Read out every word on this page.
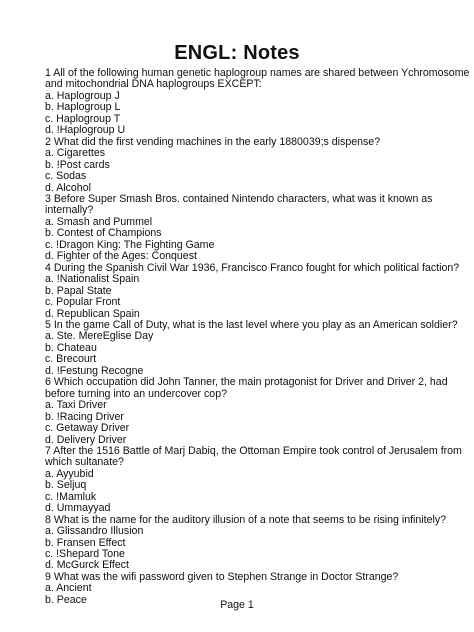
ENGL: Notes
1 All of the following human genetic haplogroup names are shared between Ychromosome
and mitochondrial DNA haplogroups EXCEPT:
a. Haplogroup J
b. Haplogroup L
c. Haplogroup T
d. !Haplogroup U
2 What did the first vending machines in the early 1880039;s dispense?
a. Cigarettes
b. !Post cards
c. Sodas
d. Alcohol
3 Before Super Smash Bros. contained Nintendo characters, what was it known as
internally?
a. Smash and Pummel
b. Contest of Champions
c. !Dragon King: The Fighting Game
d. Fighter of the Ages: Conquest
4 During the Spanish Civil War 1936, Francisco Franco fought for which political faction?
a. !Nationalist Spain
b. Papal State
c. Popular Front
d. Republican Spain
5 In the game Call of Duty, what is the last level where you play as an American soldier?
a. Ste. MereEglise Day
b. Chateau
c. Brecourt
d. !Festung Recogne
6 Which occupation did John Tanner, the main protagonist for Driver and Driver 2, had
before turning into an undercover cop?
a. Taxi Driver
b. !Racing Driver
c. Getaway Driver
d. Delivery Driver
7 After the 1516 Battle of Marj Dabiq, the Ottoman Empire took control of Jerusalem from
which sultanate?
a. Ayyubid
b. Seljuq
c. !Mamluk
d. Ummayyad
8 What is the name for the auditory illusion of a note that seems to be rising infinitely?
a. Glissandro Illusion
b. Fransen Effect
c. !Shepard Tone
d. McGurck Effect
9 What was the wifi password given to Stephen Strange in Doctor Strange?
a. Ancient
b. Peace	Page 1
